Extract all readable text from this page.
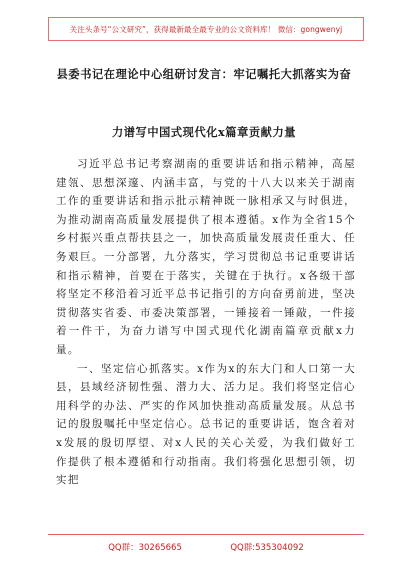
关注头条号“公文研究”，获得最新最全最专业的公文资料库！ 微信：gongwenyj
县委书记在理论中心组研讨发言：牢记嘱托大抓落实为奋
力谱写中国式现代化x篇章贡献力量

习近平总书记考察湖南的重要讲话和指示精神，高屋建瓴、思想深邃、内涵丰富，与党的十八大以来关于湖南工作的重要讲话和指示批示精神既一脉相承又与时俱进，为推动湖南高质量发展提供了根本遵循。x作为全省15个乡村振兴重点帮扶县之一，加快高质量发展责任重大、任务艰巨。一分部署，九分落实，学习贯彻总书记重要讲话和指示精神，首要在于落实，关键在于执行。x各级干部将坚定不移沿着习近平总书记指引的方向奋勇前进，坚决贯彻落实省委、市委决策部署，一锤接着一锤敲，一件接着一件干，为奋力谱写中国式现代化湖南篇章贡献x力量。

一、坚定信心抓落实。x作为x的东大门和人口第一大县，县域经济韧性强、潜力大、活力足。我们将坚定信心用科学的办法、严实的作风加快推动高质量发展。从总书记的殷殷嘱托中坚定信心。总书记的重要讲话，饱含着对x发展的殷切厚望、对x人民的关心关爱，为我们做好工作提供了根本遵循和行动指南。我们将强化思想引领，切实把

QQ群：30265665	QQ群:535304092
